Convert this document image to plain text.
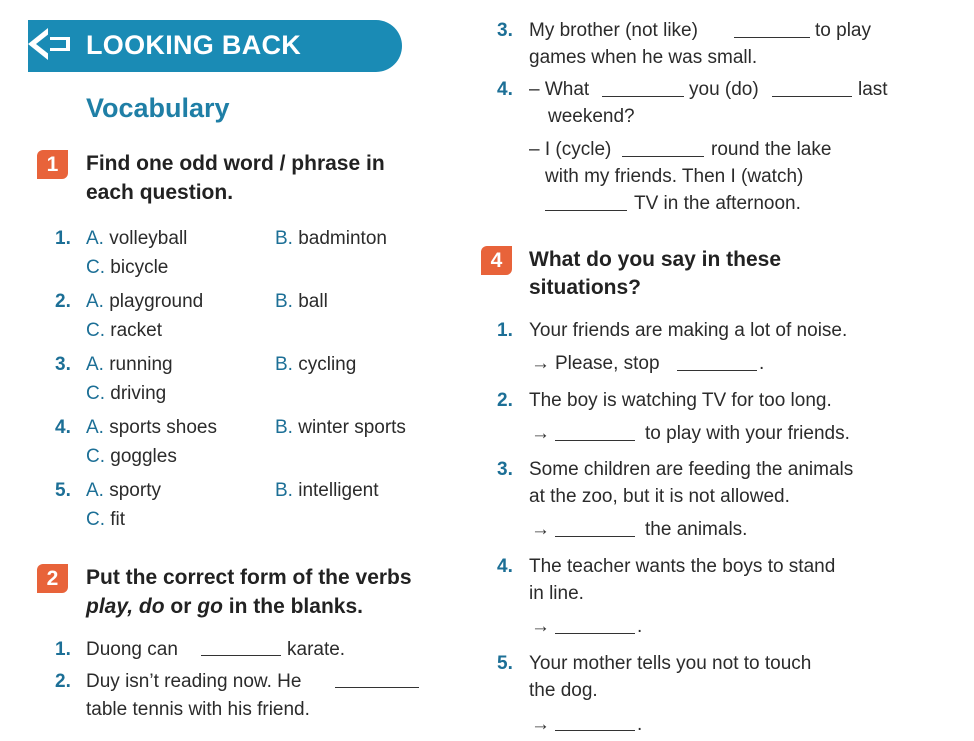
LOOKING BACK
Vocabulary
1	Find one odd word / phrase in
each question.
1. A. volleyball	B. badminton
C. bicycle
2. A. playground	B. ball
C. racket
3. A. running	B. cycling
C. driving
4. A. sports shoes	B. winter sports
C. goggles
5. A. sporty	B. intelligent
C. fit
2	Put the correct form of the verbs
play, do or go in the blanks.
1. Duong can	karate.
2. Duy isn’t reading now. He
table tennis with his friend.
3. My brother (not like)	to play
games when he was small.
4. – What	you (do)	last
weekend?
– I (cycle)	round the lake
with my friends. Then I (watch)
TV in the afternoon.
4	What do you say in these
situations?
1. Your friends are making a lot of noise.
→ Please, stop	.
2. The boy is watching TV for too long.
→	to play with your friends.
3. Some children are feeding the animals
at the zoo, but it is not allowed.
→	the animals.
4. The teacher wants the boys to stand
in line.
→	.
5. Your mother tells you not to touch
the dog.
→	.
